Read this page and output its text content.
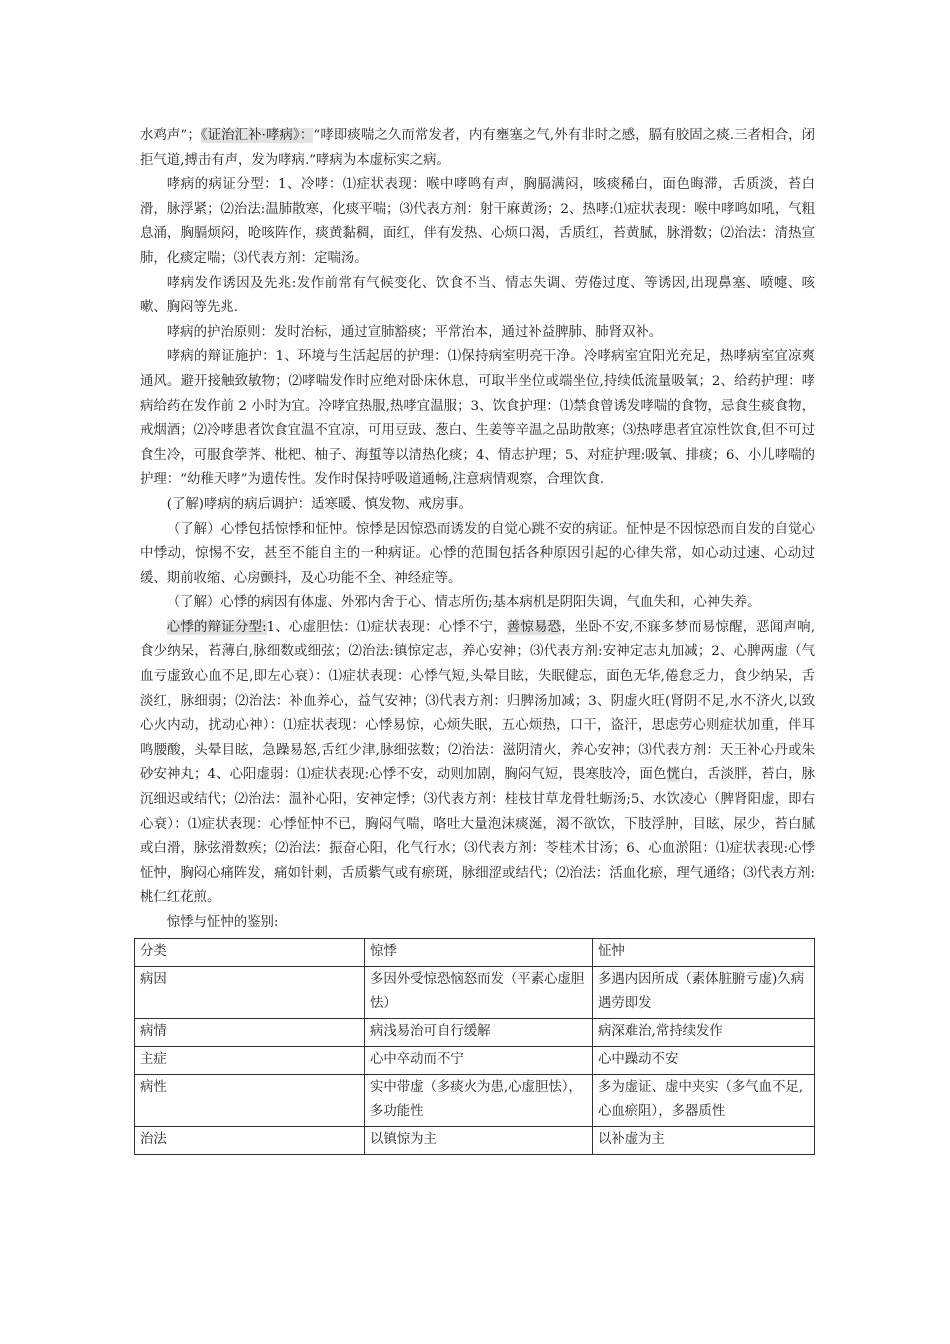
水鸡声”；《证治汇补·哮病》：“哮即痰喘之久而常发者，内有壅塞之气,外有非时之感，膈有胶固之痰.三者相合，闭拒气道,搏击有声，发为哮病.”哮病为本虚标实之病。

哮病的病证分型：1、冷哮：⑴症状表现：喉中哮鸣有声，胸膈满闷，咳痰稀白，面色晦滞，舌质淡，苔白滑，脉浮紧；⑵治法:温肺散寒，化痰平喘；⑶代表方剂：射干麻黄汤；2、热哮:⑴症状表现：喉中哮鸣如吼，气粗息涌，胸膈烦闷，呛咳阵作，痰黄黏稠，面红，伴有发热、心烦口渴，舌质红，苔黄腻，脉滑数；⑵治法：清热宣肺，化痰定喘；⑶代表方剂：定喘汤。

哮病发作诱因及先兆:发作前常有气候变化、饮食不当、情志失调、劳倦过度、等诱因,出现鼻塞、喷嚏、咳嗽、胸闷等先兆.

哮病的护治原则：发时治标，通过宣肺豁痰；平常治本，通过补益脾肺、肺肾双补。

哮病的辩证施护：1、环境与生活起居的护理：⑴保持病室明亮干净。冷哮病室宜阳光充足，热哮病室宜凉爽通风。避开接触致敏物；⑵哮喘发作时应绝对卧床休息，可取半坐位或端坐位,持续低流量吸氧；2、给药护理：哮病给药在发作前 2 小时为宜。冷哮宜热服,热哮宜温服；3、饮食护理：⑴禁食曾诱发哮喘的食物，忌食生痰食物，戒烟酒；⑵冷哮患者饮食宜温不宜凉，可用豆豉、葱白、生姜等辛温之品助散寒；⑶热哮患者宜凉性饮食,但不可过食生冷，可服食荸荠、枇杷、柚子、海蜇等以清热化痰；4、情志护理；5、对症护理:吸氧、排痰；6、小儿哮喘的护理：“幼稚天哮”为遗传性。发作时保持呼吸道通畅,注意病情观察，合理饮食.

(了解)哮病的病后调护：适寒暖、慎发物、戒房事。

（了解）心悸包括惊悸和怔忡。惊悸是因惊恐而诱发的自觉心跳不安的病证。怔忡是不因惊恐而自发的自觉心中悸动，惊惕不安，甚至不能自主的一种病证。心悸的范围包括各种原因引起的心律失常，如心动过速、心动过缓、期前收缩、心房颤抖，及心功能不全、神经症等。

（了解）心悸的病因有体虚、外邪内舍于心、情志所伤;基本病机是阴阳失调，气血失和，心神失养。

心悸的辩证分型:1、心虚胆怯：⑴症状表现：心悸不宁，善惊易恐，坐卧不安,不寐多梦而易惊醒，恶闻声响,食少纳呆，苔薄白,脉细数或细弦；⑵治法:镇惊定志，养心安神；⑶代表方剂:安神定志丸加减；2、心脾两虚（气血亏虚致心血不足,即左心衰）：⑴症状表现：心悸气短,头晕目眩，失眠健忘，面色无华,倦怠乏力，食少纳呆，舌淡红，脉细弱；⑵治法：补血养心，益气安神；⑶代表方剂：归脾汤加减；3、阴虚火旺(肾阴不足,水不济火,以致心火内动，扰动心神）：⑴症状表现：心悸易惊，心烦失眠，五心烦热，口干，盗汗，思虑劳心则症状加重，伴耳鸣腰酸，头晕目眩，急躁易怒,舌红少津,脉细弦数；⑵治法：滋阴清火，养心安神；⑶代表方剂：天王补心丹或朱砂安神丸；4、心阳虚弱：⑴症状表现:心悸不安，动则加剧，胸闷气短，畏寒肢冷，面色恍白，舌淡胖，苔白，脉沉细迟或结代；⑵治法：温补心阳，安神定悸；⑶代表方剂：桂枝甘草龙骨牡蛎汤;5、水饮凌心（脾肾阳虚，即右心衰）：⑴症状表现：心悸怔忡不已，胸闷气喘，咯吐大量泡沫痰涎，渴不欲饮，下肢浮肿，目眩，尿少，苔白腻或白滑，脉弦滑数疾；⑵治法：振奋心阳，化气行水；⑶代表方剂：苓桂术甘汤；6、心血淤阻：⑴症状表现:心悸怔忡，胸闷心痛阵发，痛如针刺，舌质紫气或有瘀斑，脉细涩或结代；⑵治法：活血化瘀，理气通络；⑶代表方剂:桃仁红花煎。

惊悸与怔忡的鉴别:

分类	惊悸	怔忡
病因	多因外受惊恐恼怒而发（平素心虚胆怯）	多遇内因所成（素体脏腑亏虚)久病遇劳即发
病情	病浅易治可自行缓解	病深难治,常持续发作
主症	心中卒动而不宁	心中躁动不安
病性	实中带虚（多痰火为患,心虚胆怯），多功能性	多为虚证、虚中夹实（多气血不足,心血瘀阻），多器质性
治法	以镇惊为主	以补虚为主
